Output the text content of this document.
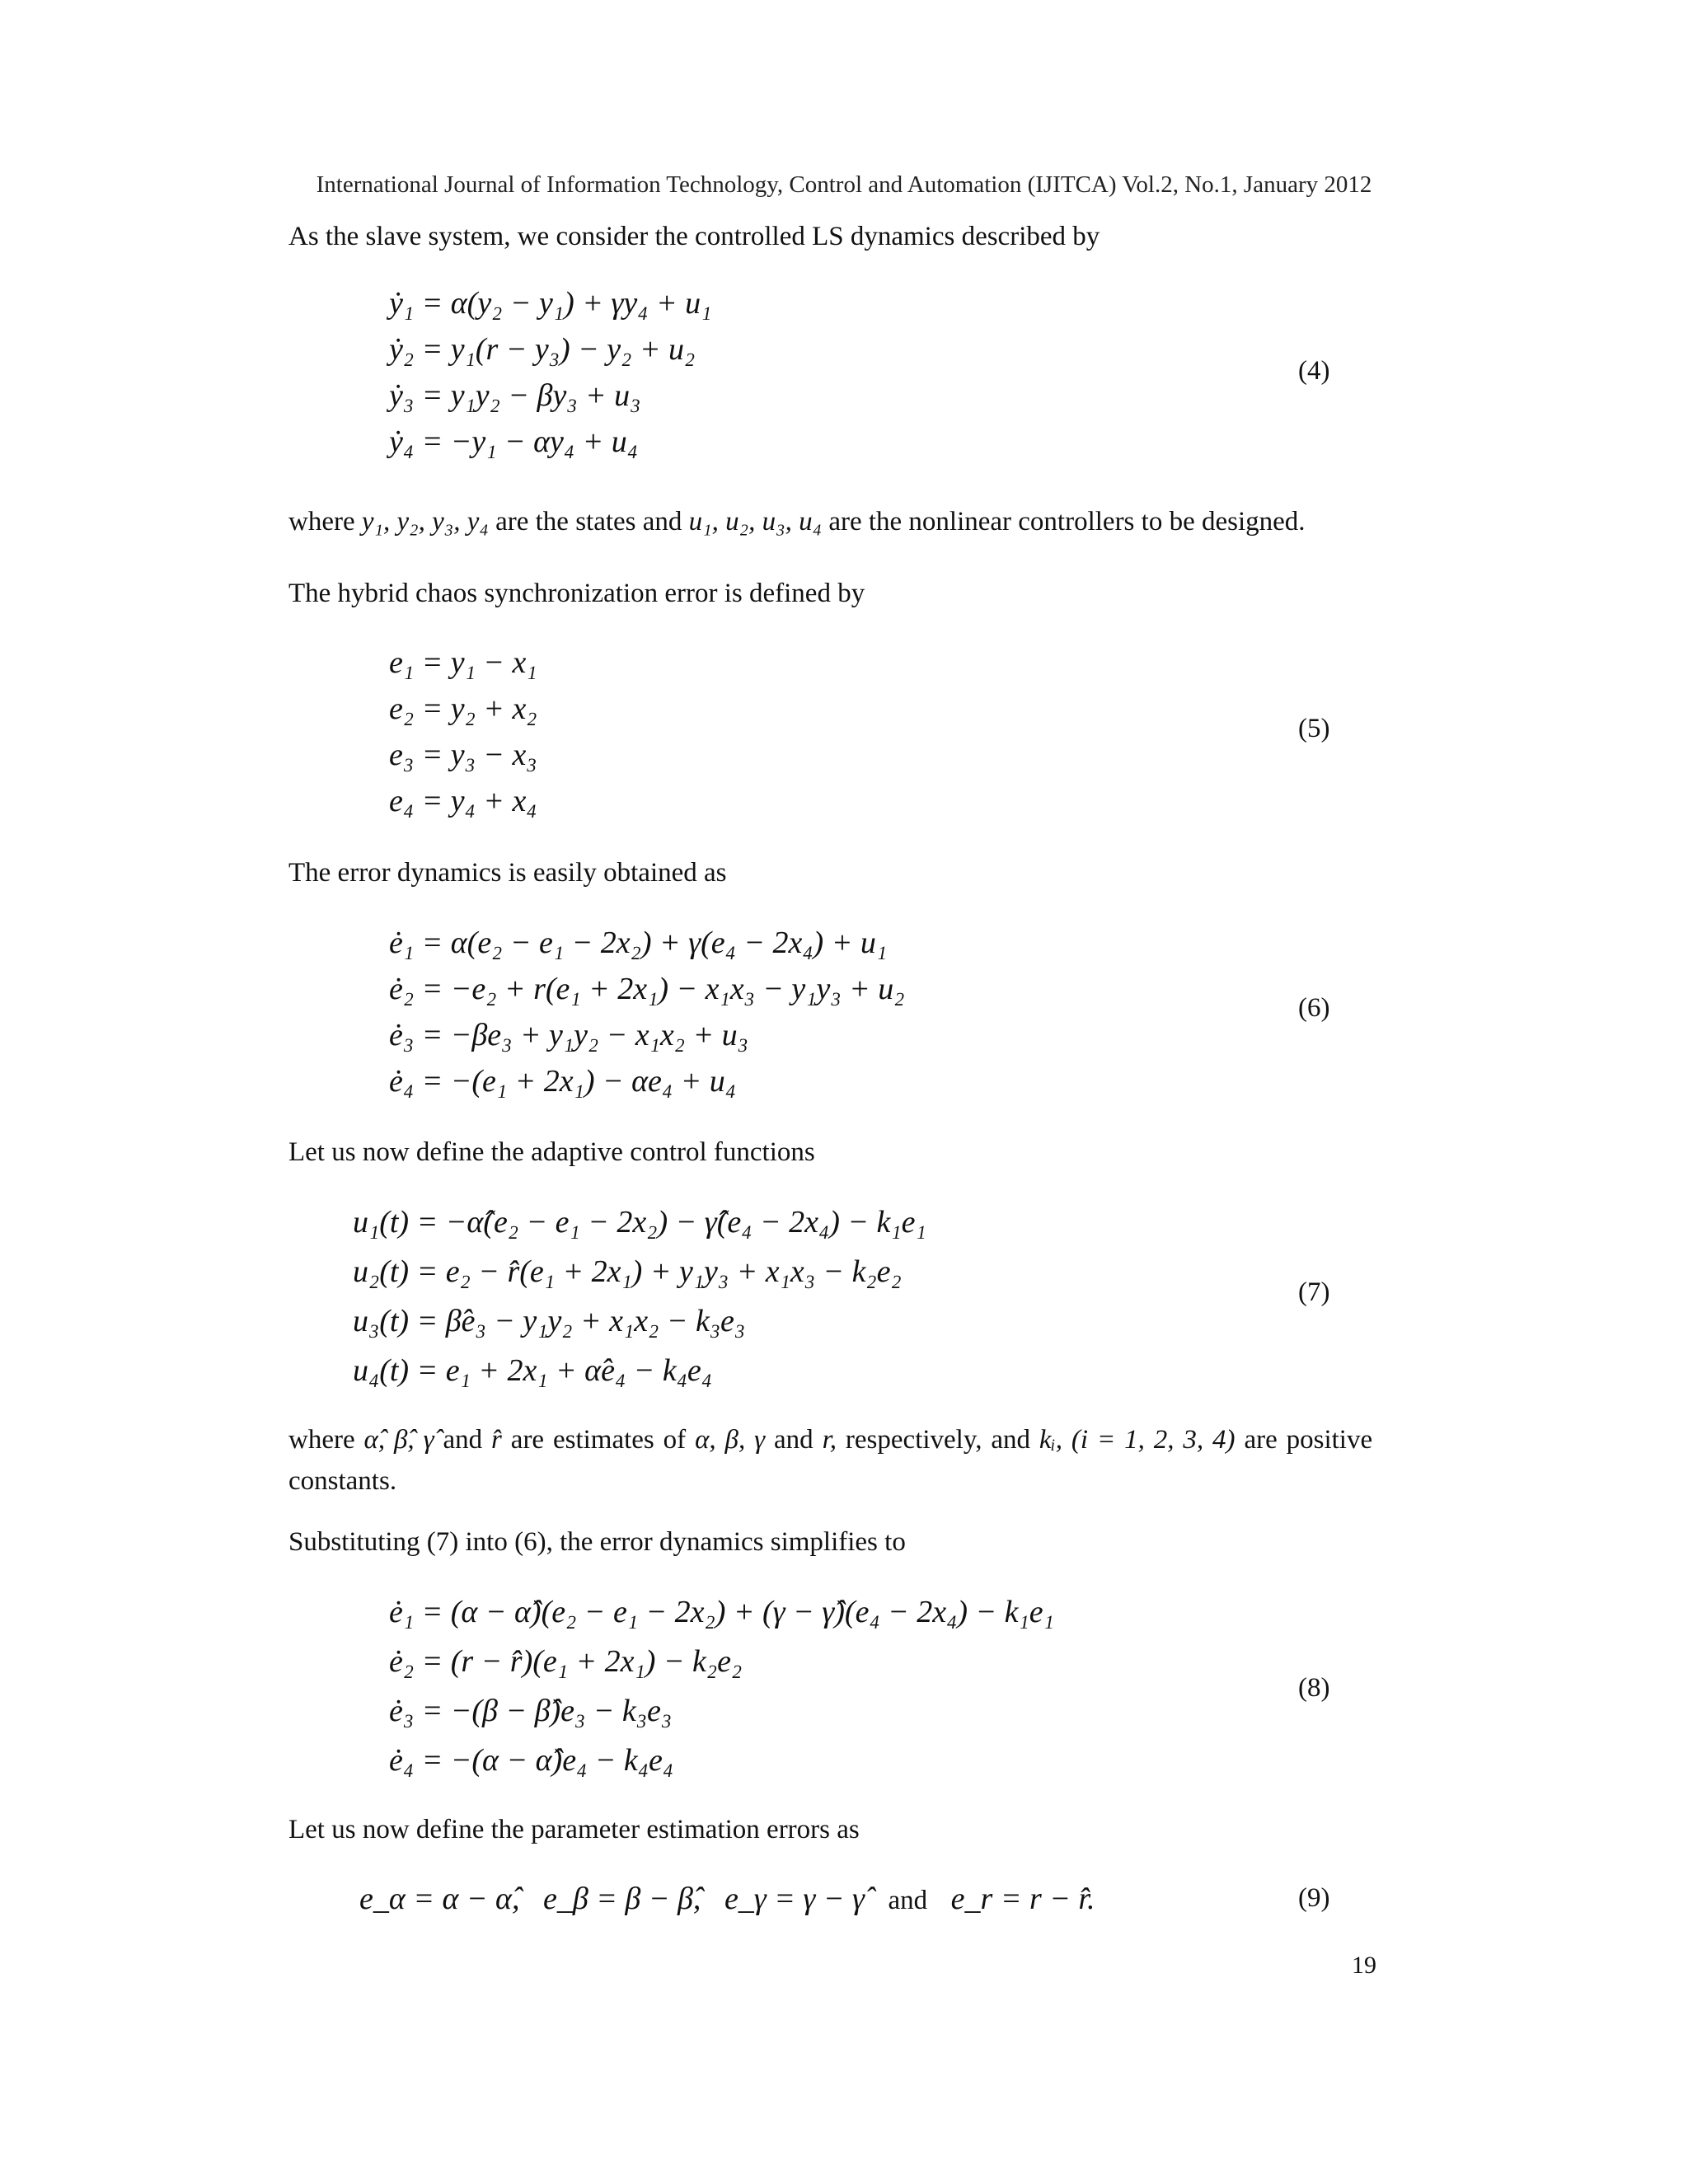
International Journal of Information Technology, Control and Automation (IJITCA) Vol.2, No.1, January 2012
As the slave system, we consider the controlled LS dynamics described by
ẏ₁ = α(y₂ − y₁) + γy₄ + u₁
ẏ₂ = y₁(r − y₃) − y₂ + u₂
ẏ₃ = y₁y₂ − βy₃ + u₃
ẏ₄ = −y₁ − αy₄ + u₄
(4)
where y₁, y₂, y₃, y₄ are the states and u₁, u₂, u₃, u₄ are the nonlinear controllers to be designed.
The hybrid chaos synchronization error is defined by
e₁ = y₁ − x₁
e₂ = y₂ + x₂
e₃ = y₃ − x₃
e₄ = y₄ + x₄
(5)
The error dynamics is easily obtained as
ė₁ = α(e₂ − e₁ − 2x₂) + γ(e₄ − 2x₄) + u₁
ė₂ = −e₂ + r(e₁ + 2x₁) − x₁x₃ − y₁y₃ + u₂
ė₃ = −βe₃ + y₁y₂ − x₁x₂ + u₃
ė₄ = −(e₁ + 2x₁) − αe₄ + u₄
(6)
Let us now define the adaptive control functions
u₁(t) = −α̂(e₂ − e₁ − 2x₂) − γ̂(e₄ − 2x₄) − k₁e₁
u₂(t) = e₂ − r̂(e₁ + 2x₁) + y₁y₃ + x₁x₃ − k₂e₂
u₃(t) = β̂e₃ − y₁y₂ + x₁x₂ − k₃e₃
u₄(t) = e₁ + 2x₁ + α̂e₄ − k₄e₄
(7)
where α̂, β̂, γ̂ and r̂ are estimates of α, β, γ and r, respectively, and kᵢ, (i = 1, 2, 3, 4) are positive constants.
Substituting (7) into (6), the error dynamics simplifies to
ė₁ = (α − α̂)(e₂ − e₁ − 2x₂) + (γ − γ̂)(e₄ − 2x₄) − k₁e₁
ė₂ = (r − r̂)(e₁ + 2x₁) − k₂e₂
ė₃ = −(β − β̂)e₃ − k₃e₃
ė₄ = −(α − α̂)e₄ − k₄e₄
(8)
Let us now define the parameter estimation errors as
e_α = α − α̂, e_β = β − β̂, e_γ = γ − γ̂ and e_r = r − r̂.	(9)
19
